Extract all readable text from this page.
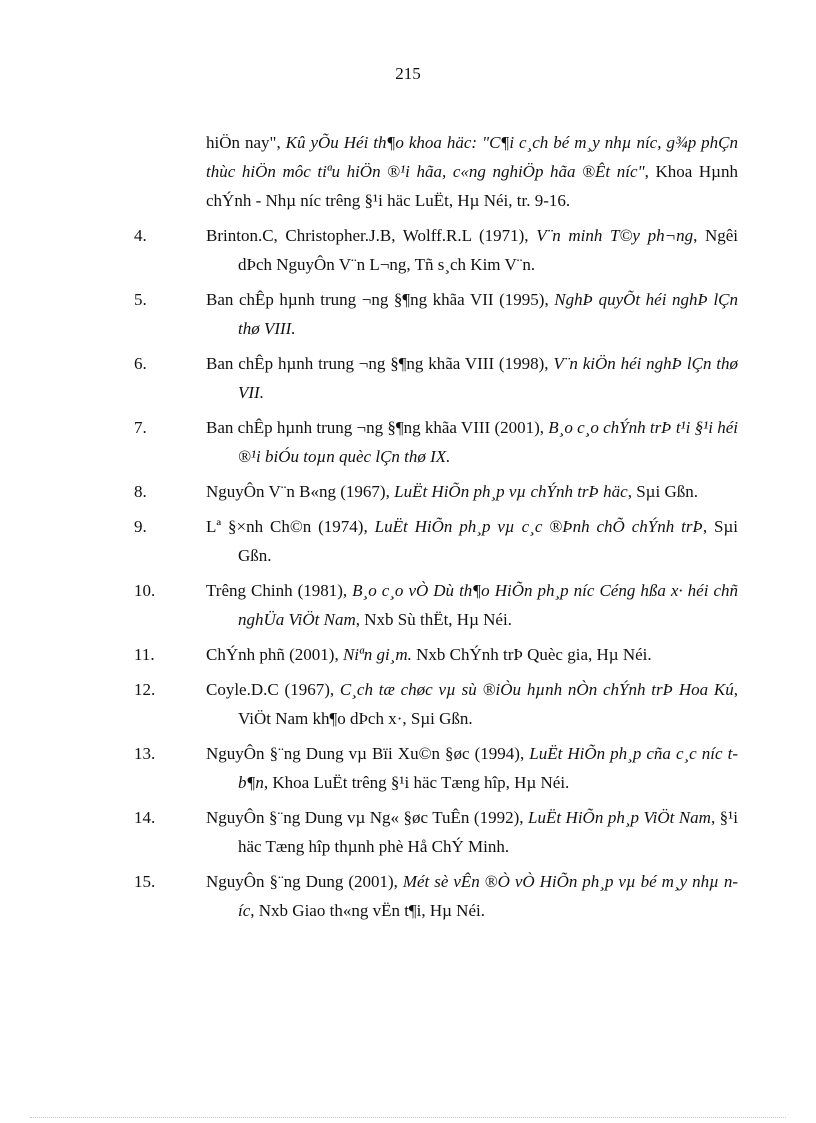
215
hiÖn nay", Kû yÕu Héi th¶o khoa häc: "C¶i c¸ch bé m¸y nhµ níc, g¾p phÇn thùc hiÖn môc tiªu hiÖn ®¹i hãa, c«ng nghiÖp hãa ®Êt níc", Khoa Hµnh chÝnh - Nhµ níc trêng §¹i häc LuËt, Hµ Néi, tr. 9-16.
4.	Brinton.C, Christopher.J.B, Wolff.R.L (1971), V¨n minh T©y ph¬ng, Ngêi dÞch NguyÔn V¨n L¬ng, Tñ s¸ch Kim V¨n.
5.	Ban chÊp hµnh trung ¬ng §¶ng khãa VII (1995), NghÞ quyÕt héi nghÞ lÇn thø VIII.
6.	Ban chÊp hµnh trung ¬ng §¶ng khãa VIII (1998), V¨n kiÖn héi nghÞ lÇn thø VII.
7.	Ban chÊp hµnh trung ¬ng §¶ng khãa VIII (2001), B¸o c¸o chÝnh trÞ t¹i §¹i héi ®¹i biÓu toµn quèc lÇn thø IX.
8.	NguyÔn V¨n B«ng (1967), LuËt HiÕn ph¸p vµ chÝnh trÞ häc, Sµi Gßn.
9.	Lª §×nh Ch©n (1974), LuËt HiÕn ph¸p vµ c¸c ®Þnh chÕ chÝnh trÞ, Sµi Gßn.
10.	Trêng Chinh (1981), B¸o c¸o vÒ Dù th¶o HiÕn ph¸p níc Céng hßa x· héi chñ nghÜa ViÖt Nam, Nxb Sù thËt, Hµ Néi.
11.	ChÝnh phñ (2001), Niªn gi¸m. Nxb ChÝnh trÞ Quèc gia, Hµ Néi.
12.	Coyle.D.C (1967), C¸ch tæ chøc vµ sù ®iÒu hµnh nÒn chÝnh trÞ Hoa Kú, ViÖt Nam kh¶o dÞch x·, Sµi Gßn.
13.	NguyÔn §¨ng Dung vµ Bïi Xu©n §øc (1994), LuËt HiÕn ph¸p cña c¸c níc t b¶n, Khoa LuËt trêng §¹i häc Tæng hîp, Hµ Néi.
14.	NguyÔn §¨ng Dung vµ Ng« §øc TuÊn (1992), LuËt HiÕn ph¸p ViÖt Nam, §¹i häc Tæng hîp thµnh phè Hå ChÝ Minh.
15.	NguyÔn §¨ng Dung (2001), Mét sè vÊn ®Ò vÒ HiÕn ph¸p vµ bé m¸y nhµ níc, Nxb Giao th«ng vËn t¶i, Hµ Néi.
